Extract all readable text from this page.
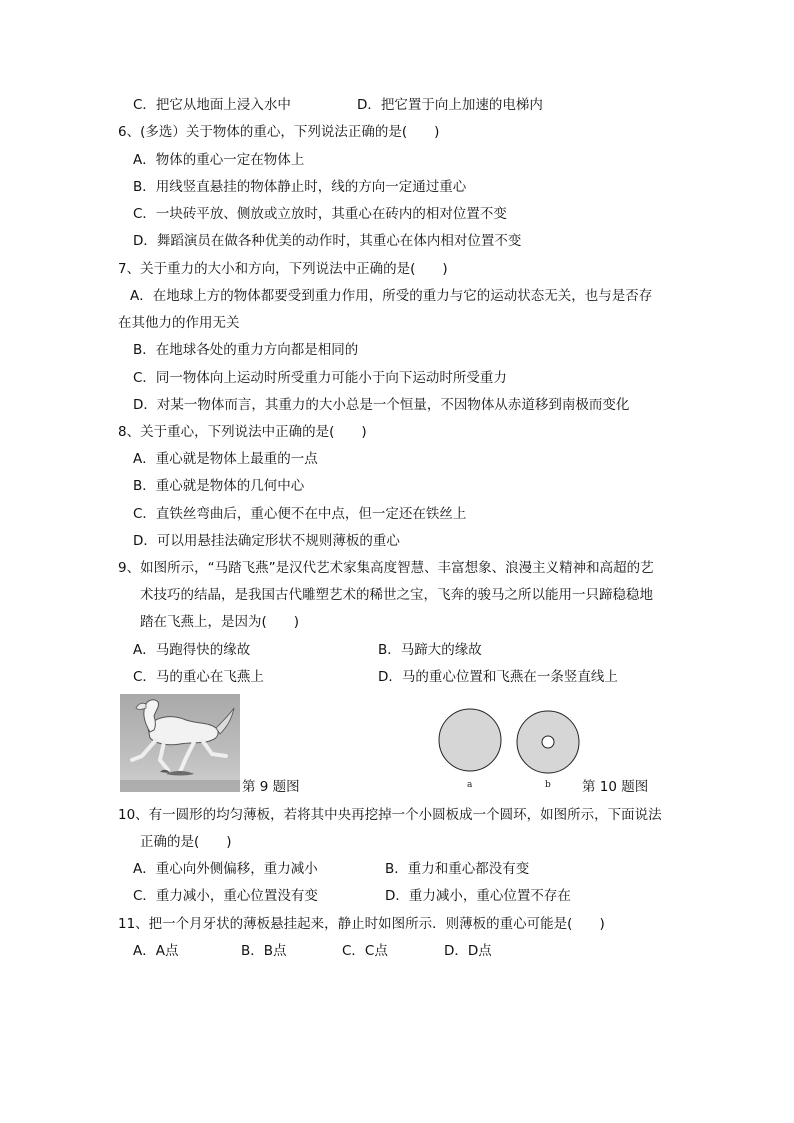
C．把它从地面上浸入水中	D．把它置于向上加速的电梯内
6、(多选）关于物体的重心，下列说法正确的是(　　)
A．物体的重心一定在物体上
B．用线竖直悬挂的物体静止时，线的方向一定通过重心
C．一块砖平放、侧放或立放时，其重心在砖内的相对位置不变
D．舞蹈演员在做各种优美的动作时，其重心在体内相对位置不变
7、关于重力的大小和方向，下列说法中正确的是(　　)
A．在地球上方的物体都要受到重力作用，所受的重力与它的运动状态无关，也与是否存
在其他力的作用无关
B．在地球各处的重力方向都是相同的
C．同一物体向上运动时所受重力可能小于向下运动时所受重力
D．对某一物体而言，其重力的大小总是一个恒量，不因物体从赤道移到南极而变化
8、关于重心，下列说法中正确的是(　　)
A．重心就是物体上最重的一点
B．重心就是物体的几何中心
C．直铁丝弯曲后，重心便不在中点，但一定还在铁丝上
D．可以用悬挂法确定形状不规则薄板的重心
9、如图所示，“马踏飞燕”是汉代艺术家集高度智慧、丰富想象、浪漫主义精神和高超的艺
术技巧的结晶，是我国古代雕塑艺术的稀世之宝，飞奔的骏马之所以能用一只蹄稳稳地
踏在飞燕上，是因为(　　)
A．马跑得快的缘故	B．马蹄大的缘故
C．马的重心在飞燕上	D．马的重心位置和飞燕在一条竖直线上
第 9 题图	a	b 第 10 题图
10、有一圆形的均匀薄板，若将其中央再挖掉一个小圆板成一个圆环，如图所示，下面说法
正确的是(　　)
A．重心向外侧偏移，重力减小	B．重力和重心都没有变
C．重力减小，重心位置没有变	D．重力减小，重心位置不存在
11、把一个月牙状的薄板悬挂起来，静止时如图所示．则薄板的重心可能是(　　)
A．A点	B．B点	C．C点	D．D点
